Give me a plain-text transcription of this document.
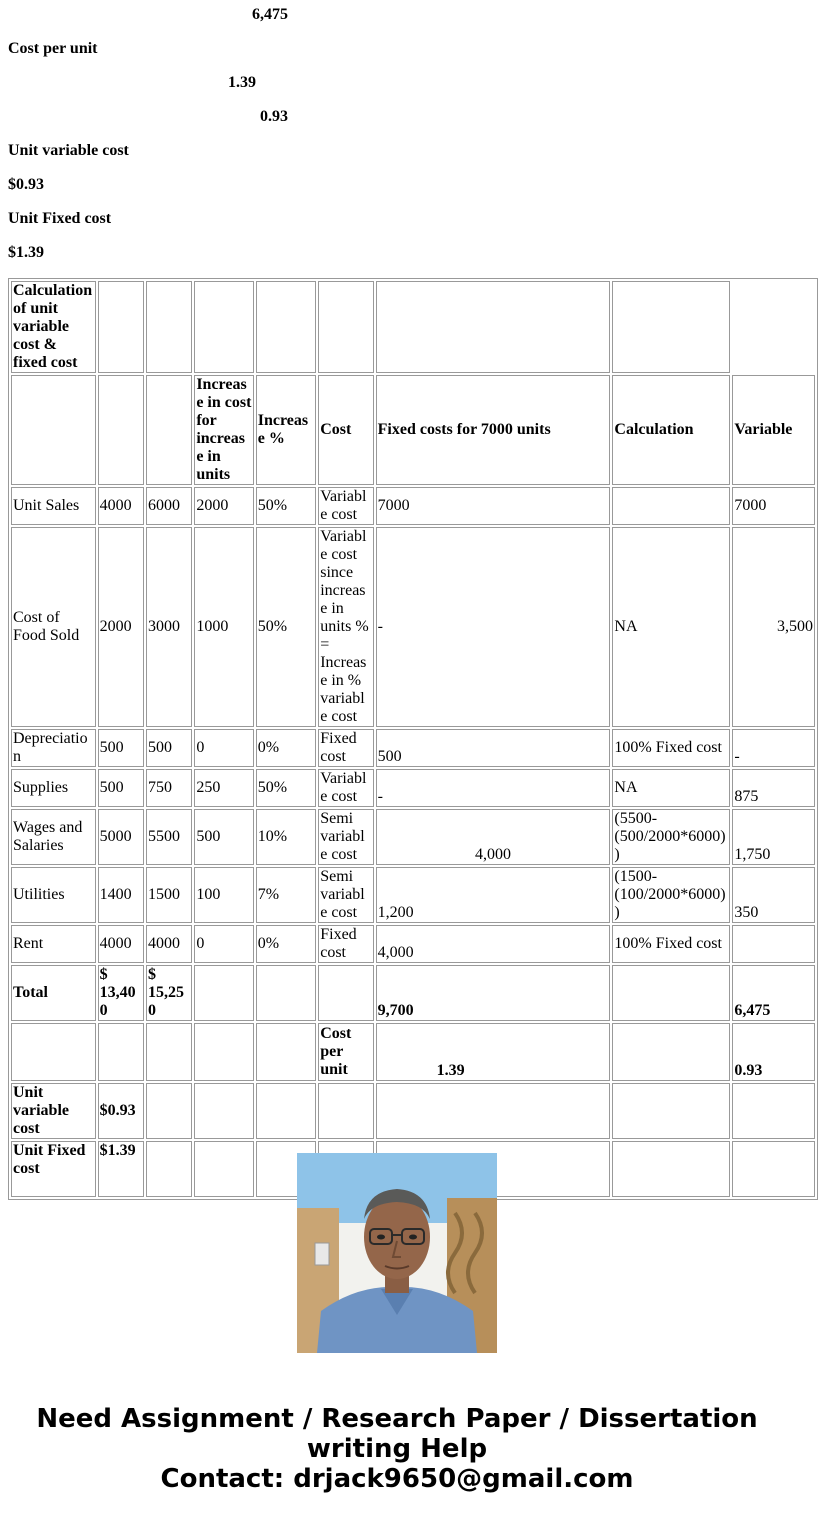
6,475
Cost per unit
1.39
0.93
Unit variable cost
$0.93
Unit Fixed cost
$1.39
Calculation of unit variable cost & fixed cost								
			Increase in cost for increase in units	Increase %	Cost	Fixed costs for 7000 units	Calculation	Variable
Unit Sales	4000	6000	2000	50%	Variable cost	7000		7000
Cost of Food Sold	2000	3000	1000	50%	Variable cost since increase in units % = Increase in % variable cost	-	NA	3,500
Depreciation	500	500	0	0%	Fixed cost	500	100% Fixed cost	-
Supplies	500	750	250	50%	Variable cost	-	NA	875
Wages and Salaries	5000	5500	500	10%	Semi variable cost	4,000	(5500-(500/2000*6000))	1,750
Utilities	1400	1500	100	7%	Semi variable cost	1,200	(1500-(100/2000*6000))	350
Rent	4000	4000	0	0%	Fixed cost	4,000	100% Fixed cost	
Total	$ 13,400	$ 15,250				9,700		6,475
					Cost per unit	1.39		0.93
Unit variable cost	$0.93							
Unit Fixed cost	$1.39							
Need Assignment / Research Paper / Dissertation
writing Help
Contact: drjack9650@gmail.com
